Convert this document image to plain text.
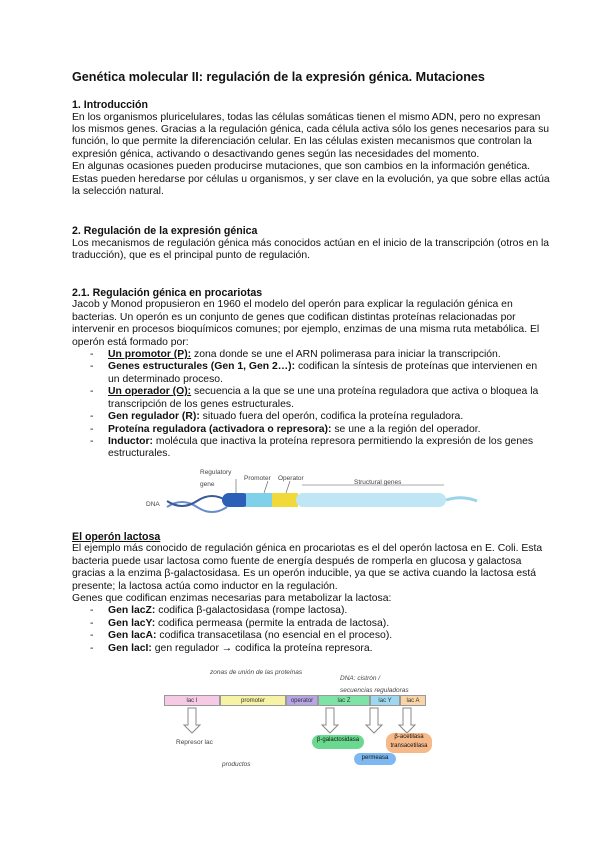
Genética molecular II: regulación de la expresión génica. Mutaciones
1. Introducción

En los organismos pluricelulares, todas las células somáticas tienen el mismo ADN, pero no expresan los mismos genes. Gracias a la regulación génica, cada célula activa sólo los genes necesarios para su función, lo que permite la diferenciación celular. En las células existen mecanismos que controlan la expresión génica, activando o desactivando genes según las necesidades del momento.

En algunas ocasiones pueden producirse mutaciones, que son cambios en la información genética. Estas pueden heredarse por células u organismos, y ser clave en la evolución, ya que sobre ellas actúa la selección natural.

2. Regulación de la expresión génica

Los mecanismos de regulación génica más conocidos actúan en el inicio de la transcripción (otros en la traducción), que es el principal punto de regulación.

2.1. Regulación génica en procariotas

Jacob y Monod propusieron en 1960 el modelo del operón para explicar la regulación génica en bacterias. Un operón es un conjunto de genes que codifican distintas proteínas relacionadas por intervenir en procesos bioquímicos comunes; por ejemplo, enzimas de una misma ruta metabólica. El operón está formado por:

- Un promotor (P): zona donde se une el ARN polimerasa para iniciar la transcripción.
- Genes estructurales (Gen 1, Gen 2…): codifican la síntesis de proteínas que intervienen en un determinado proceso.
- Un operador (O): secuencia a la que se une una proteína reguladora que activa o bloquea la transcripción de los genes estructurales.
- Gen regulador (R): situado fuera del operón, codifica la proteína reguladora.
- Proteína reguladora (activadora o represora): se une a la región del operador.
- Inductor: molécula que inactiva la proteína represora permitiendo la expresión de los genes estructurales.
Regulatory gene
Promoter Operator
Structural genes
DNA
El operón lactosa

El ejemplo más conocido de regulación génica en procariotas es el del operón lactosa en E. Coli. Esta bacteria puede usar lactosa como fuente de energía después de romperla en glucosa y galactosa gracias a la enzima β-galactosidasa. Es un operón inducible, ya que se activa cuando la lactosa está presente; la lactosa actúa como inductor en la regulación.

Genes que codifican enzimas necesarias para metabolizar la lactosa:

- Gen lacZ: codifica β-galactosidasa (rompe lactosa).
- Gen lacY: codifica permeasa (permite la entrada de lactosa).
- Gen lacA: codifica transacetilasa (no esencial en el proceso).
- Gen lacI: gen regulador → codifica la proteína represora.
zonas de unión de las proteínas
DNA: cistrón / secuencias reguladoras
lac I	promoter	operator	lac Z	lac Y	lac A
Represor lac	β-galactosidasa
permeasa
β-acetilasa transacetilasa
productos
